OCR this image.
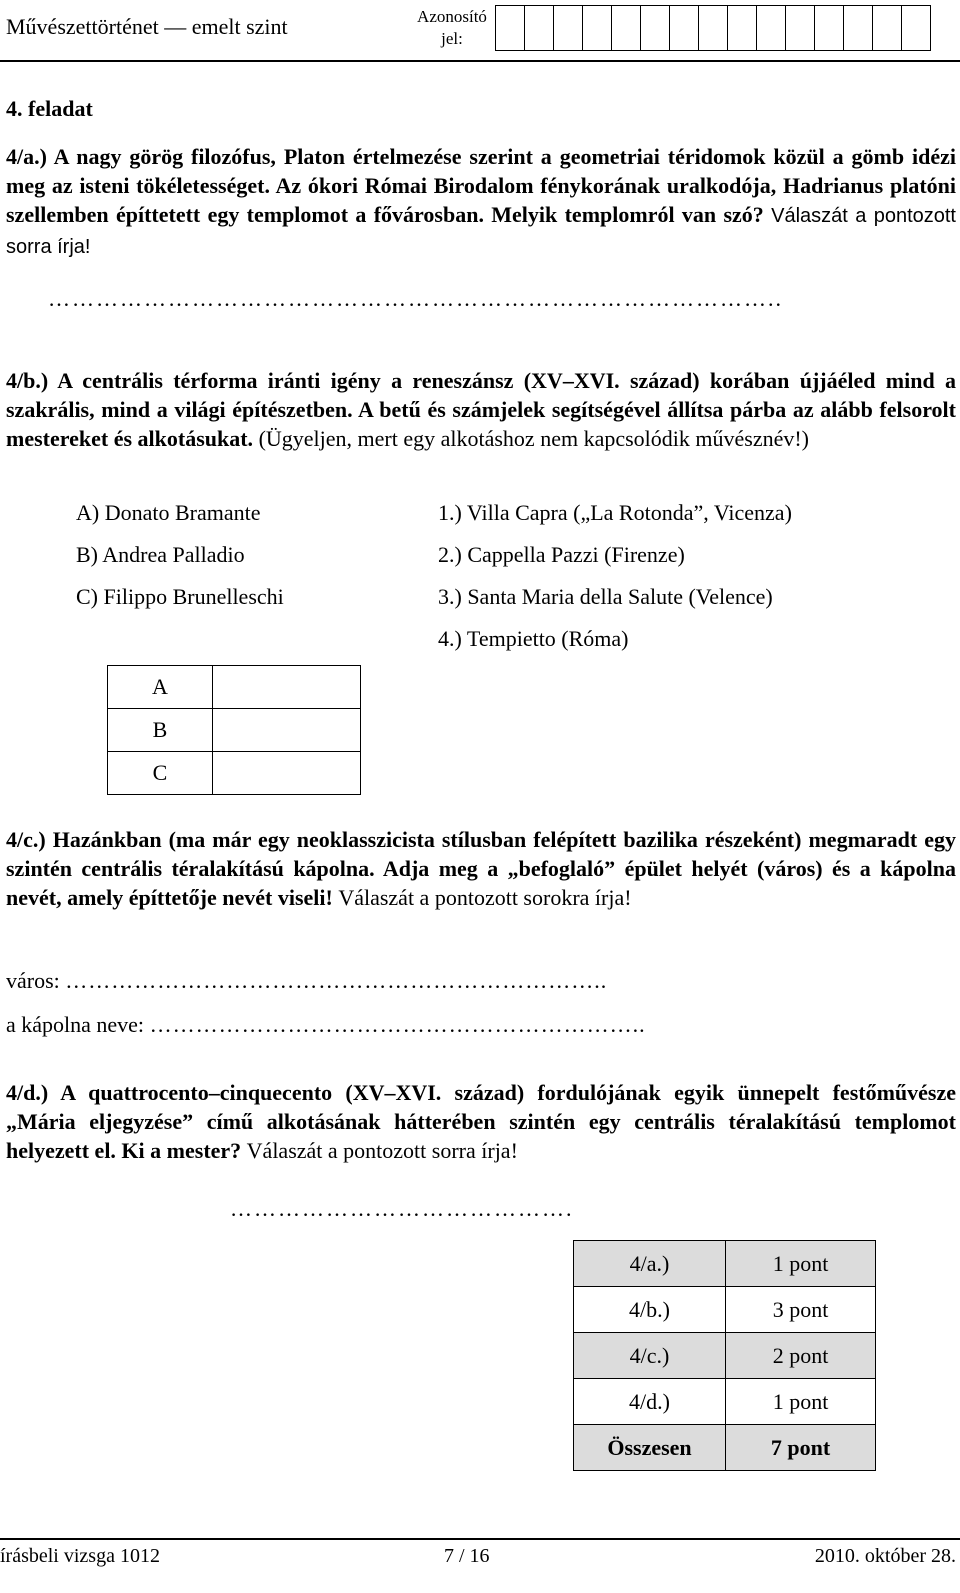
Művészettörténet — emelt szint	Azonosító jel:
4. feladat
4/a.) A nagy görög filozófus, Platon értelmezése szerint a geometriai téridomok közül a gömb idézi meg az isteni tökéletességet. Az ókori Római Birodalom fénykorának uralkodója, Hadrianus platóni szellemben építtetett egy templomot a fővárosban. Melyik templomról van szó? Válaszát a pontozott sorra írja!
………………………………………………………………………………..
4/b.) A centrális térforma iránti igény a reneszánsz (XV–XVI. század) korában újjáéled mind a szakrális, mind a világi építészetben. A betű és számjelek segítségével állítsa párba az alább felsorolt mestereket és alkotásukat. (Ügyeljen, mert egy alkotáshoz nem kapcsolódik művésznév!)
A) Donato Bramante
B) Andrea Palladio
C) Filippo Brunelleschi
1.) Villa Capra („La Rotonda”, Vicenza)
2.) Cappella Pazzi (Firenze)
3.) Santa Maria della Salute (Velence)
4.) Tempietto (Róma)
A	
B	
C	
4/c.) Hazánkban (ma már egy neoklasszicista stílusban felépített bazilika részeként) megmaradt egy szintén centrális téralakítású kápolna. Adja meg a „befoglaló” épület helyét (város) és a kápolna nevét, amely építtetője nevét viseli! Válaszát a pontozott sorokra írja!
város: ……………………………………………………………..
a kápolna neve: ………………………………………………………..
4/d.) A quattrocento–cinquecento (XV–XVI. század) fordulójának egyik ünnepelt festőművésze „Mária eljegyzése” című alkotásának hátterében szintén egy centrális téralakítású templomot helyezett el. Ki a mester? Válaszát a pontozott sorra írja!
…………………………………….
4/a.)	1 pont
4/b.)	3 pont
4/c.)	2 pont
4/d.)	1 pont
Összesen	7 pont
írásbeli vizsga 1012	7 / 16	2010. október 28.
